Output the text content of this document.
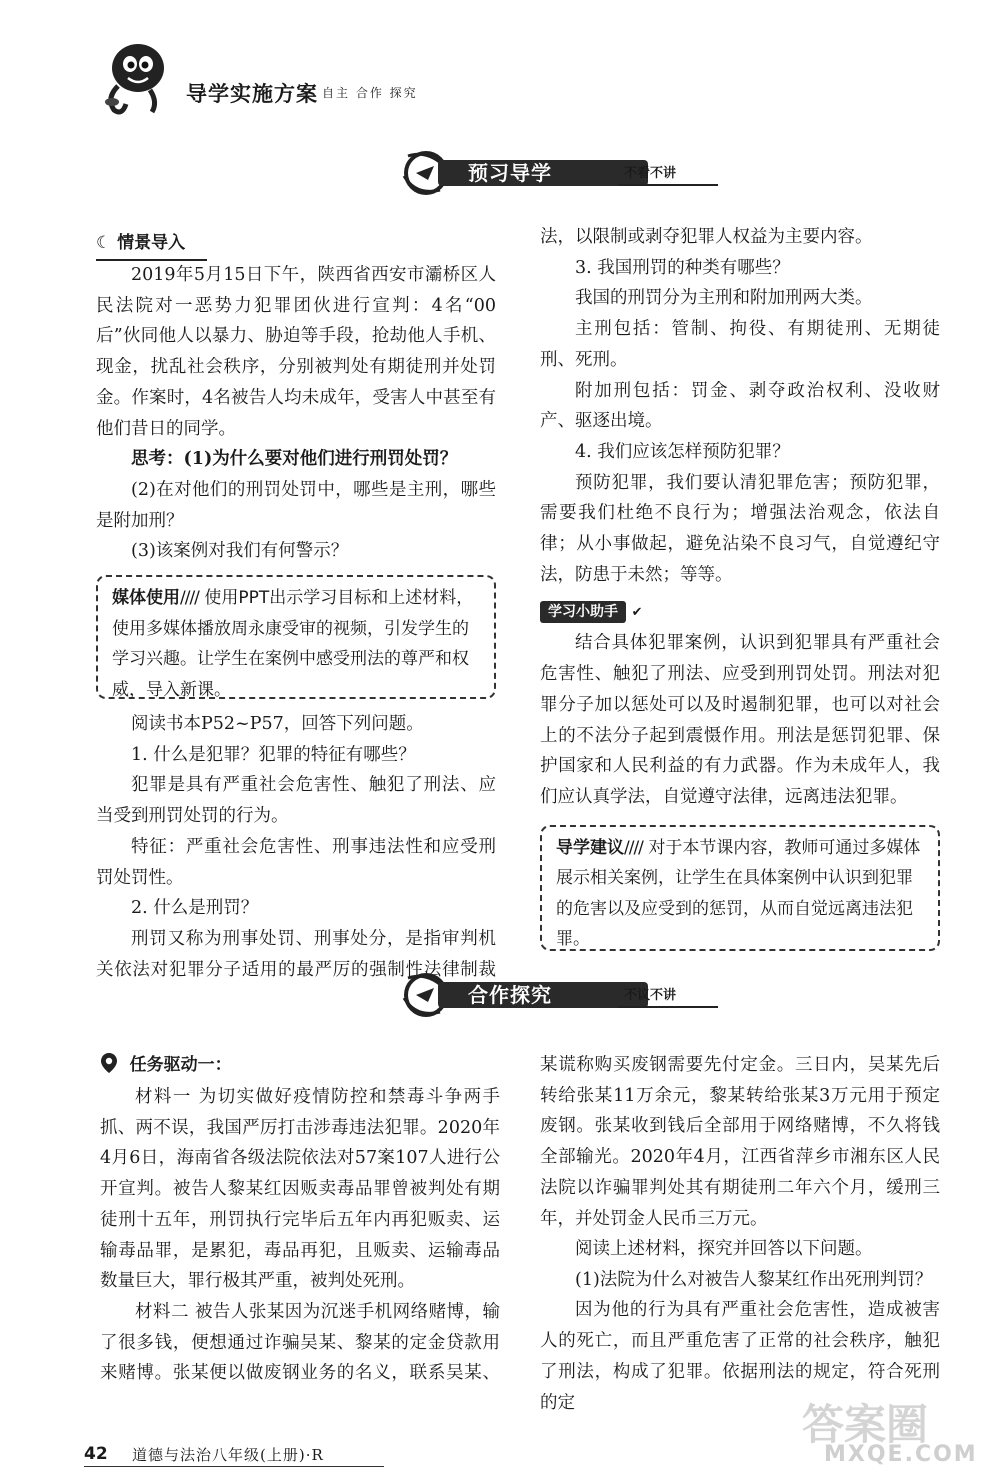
导学实施方案 自主 合作 探究
预习导学	不看不讲
☾ 情景导入

2019年5月15日下午，陕西省西安市灞桥区人民法院对一恶势力犯罪团伙进行宣判：4名“00后”伙同他人以暴力、胁迫等手段，抢劫他人手机、现金，扰乱社会秩序，分别被判处有期徒刑并处罚金。作案时，4名被告人均未成年，受害人中甚至有他们昔日的同学。

思考：(1)为什么要对他们进行刑罚处罚？

(2)在对他们的刑罚处罚中，哪些是主刑，哪些是附加刑？

(3)该案例对我们有何警示？

媒体使用//// 使用PPT出示学习目标和上述材料，使用多媒体播放周永康受审的视频，引发学生的学习兴趣。让学生在案例中感受刑法的尊严和权威，导入新课。

阅读书本P52~P57，回答下列问题。

1. 什么是犯罪？犯罪的特征有哪些？

犯罪是具有严重社会危害性、触犯了刑法、应当受到刑罚处罚的行为。

特征：严重社会危害性、刑事违法性和应受刑罚处罚性。

2. 什么是刑罚？

刑罚又称为刑事处罚、刑事处分，是指审判机关依法对犯罪分子适用的最严厉的强制性法律制裁

法，以限制或剥夺犯罪人权益为主要内容。

3. 我国刑罚的种类有哪些？

我国的刑罚分为主刑和附加刑两大类。

主刑包括：管制、拘役、有期徒刑、无期徒刑、死刑。

附加刑包括：罚金、剥夺政治权利、没收财产、驱逐出境。

4. 我们应该怎样预防犯罪？

预防犯罪，我们要认清犯罪危害；预防犯罪，需要我们杜绝不良行为；增强法治观念，依法自律；从小事做起，避免沾染不良习气，自觉遵纪守法，防患于未然；等等。

学习小助手 ✔

结合具体犯罪案例，认识到犯罪具有严重社会危害性、触犯了刑法、应受到刑罚处罚。刑法对犯罪分子加以惩处可以及时遏制犯罪，也可以对社会上的不法分子起到震慑作用。刑法是惩罚犯罪、保护国家和人民利益的有力武器。作为未成年人，我们应认真学法，自觉遵守法律，远离违法犯罪。

导学建议//// 对于本节课内容，教师可通过多媒体展示相关案例，让学生在具体案例中认识到犯罪的危害以及应受到的惩罚，从而自觉远离违法犯罪。
合作探究	不议不讲
任务驱动一：

材料一 为切实做好疫情防控和禁毒斗争两手抓、两不误，我国严厉打击涉毒违法犯罪。2020年4月6日，海南省各级法院依法对57案107人进行公开宣判。被告人黎某红因贩卖毒品罪曾被判处有期徒刑十五年，刑罚执行完毕后五年内再犯贩卖、运输毒品罪，是累犯，毒品再犯，且贩卖、运输毒品数量巨大，罪行极其严重，被判处死刑。

材料二 被告人张某因为沉迷手机网络赌博，输了很多钱，便想通过诈骗吴某、黎某的定金贷款用来赌博。张某便以做废钢业务的名义，联系吴某、

某谎称购买废钢需要先付定金。三日内，吴某先后转给张某11万余元，黎某转给张某3万元用于预定废钢。张某收到钱后全部用于网络赌博，不久将钱全部输光。2020年4月，江西省萍乡市湘东区人民法院以诈骗罪判处其有期徒刑二年六个月，缓刑三年，并处罚金人民币三万元。

阅读上述材料，探究并回答以下问题。

(1)法院为什么对被告人黎某红作出死刑判罚？

因为他的行为具有严重社会危害性，造成被害人的死亡，而且严重危害了正常的社会秩序，触犯了刑法，构成了犯罪。依据刑法的规定，符合死刑的定

42 道德与法治八年级(上册)·R
答案圈
MXQE.COM
